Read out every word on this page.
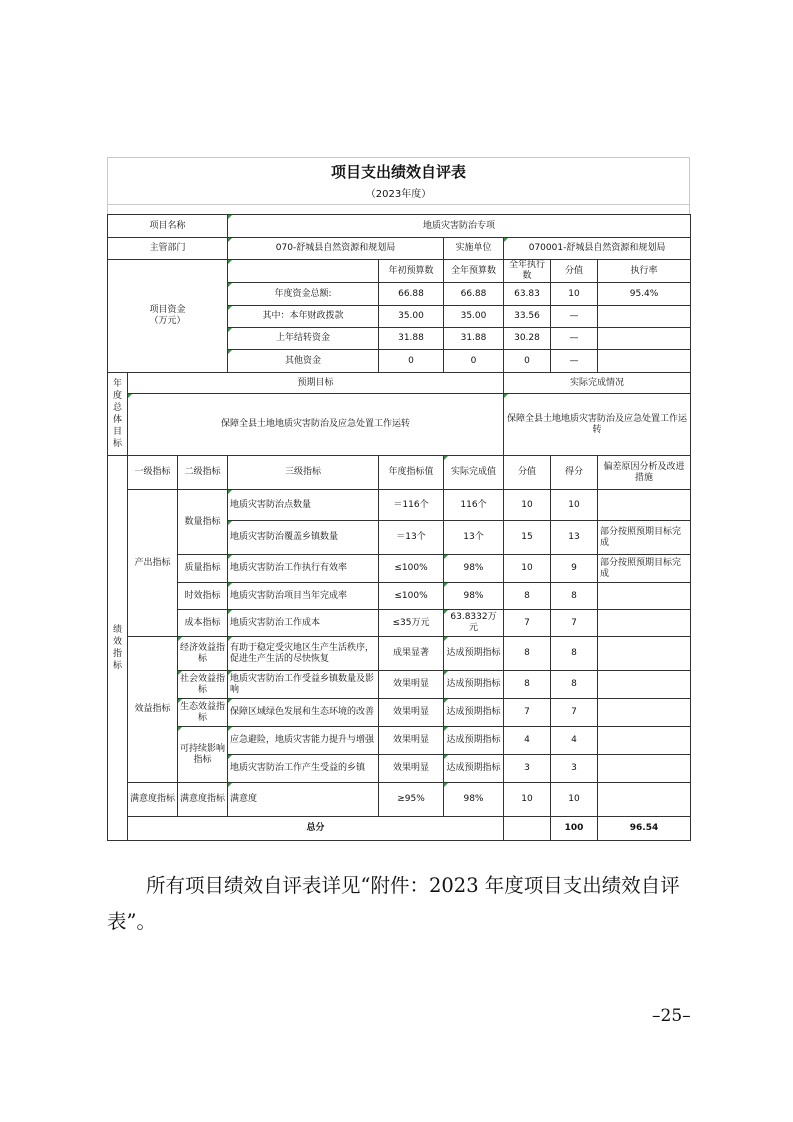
项目支出绩效自评表
（2023年度）
项目名称			地质灾害防治专项						
主管部门			070-舒城县自然资源和规划局		实施单位	070001-舒城县自然资源和规划局			
项目资金
（万元）				年初预算数	全年预算数	全年执行数	分值	执行率	
			年度资金总额:	66.88	66.88	63.83	10	95.4%	
			其中：本年财政拨款	35.00	35.00	33.56	—		
			上年结转资金	31.88	31.88	30.28	—		
			其他资金	0	0	0	—		

年度总体目标	预期目标					实际完成情况			
	保障全县土地地质灾害防治及应急处置工作运转					保障全县土地地质灾害防治及应急处置工作运转			

绩效指标	一级指标	二级指标	三级指标	年度指标值	实际完成值	分值	得分	偏差原因分析及改进措施	
	产出指标	数量指标	地质灾害防治点数量	＝116个	116个	10	10		
			地质灾害防治覆盖乡镇数量	＝13个	13个	15	13	部分按照预期目标完成	
		质量指标	地质灾害防治工作执行有效率	≤100%	98%	10	9	部分按照预期目标完成	
		时效指标	地质灾害防治项目当年完成率	≤100%	98%	8	8		
		成本指标	地质灾害防治工作成本	≤35万元	63.8332万元	7	7		
	效益指标	经济效益指标	有助于稳定受灾地区生产生活秩序，促进生产生活的尽快恢复	成果显著	达成预期指标	8	8		
		社会效益指标	地质灾害防治工作受益乡镇数量及影响	效果明显	达成预期指标	8	8		
		生态效益指标	保障区域绿色发展和生态环境的改善	效果明显	达成预期指标	7	7		
		可持续影响指标	应急避险，地质灾害能力提升与增强	效果明显	达成预期指标	4	4		
			地质灾害防治工作产生受益的乡镇	效果明显	达成预期指标	3	3		
	满意度指标	满意度指标	满意度	≥95%	98%	10	10		
	总分						100	96.54	
所有项目绩效自评表详见“附件：2023 年度项目支出绩效自评表”。
–25–
